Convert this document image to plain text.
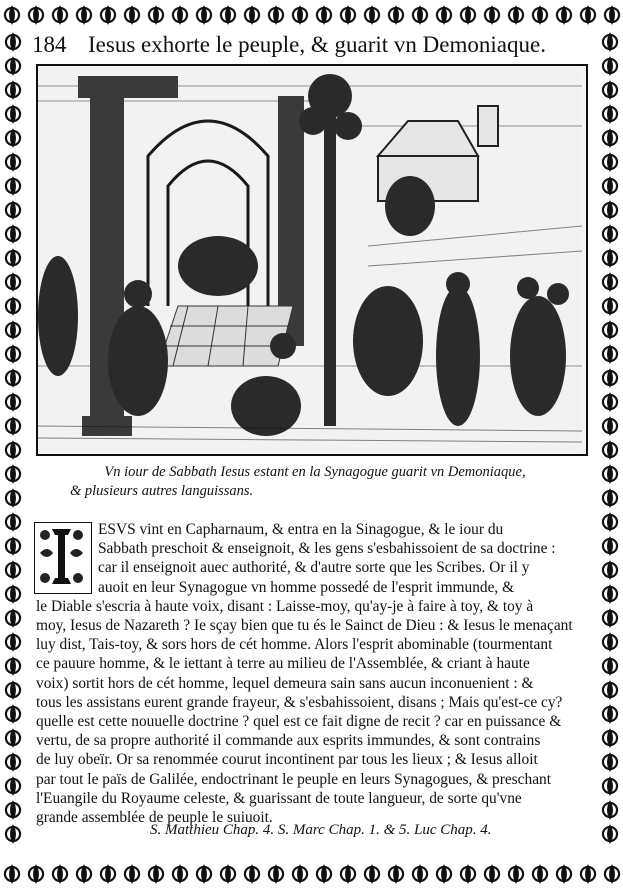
184 Iesus exhorte le peuple, & guarit vn Demoniaque.
Vn iour de Sabbath Iesus estant en la Synagogue guarit vn Demoniaque,
& plusieurs autres languissans.
ESVS vint en Capharnaum, & entra en la Sinagogue, & le iour du
Sabbath preschoit & enseignoit, & les gens s'esbahissoient de sa doctrine :
car il enseignoit auec authorité, & d'autre sorte que les Scribes. Or il y
auoit en leur Synagogue vn homme possedé de l'esprit immunde, &
le Diable s'escria à haute voix, disant : Laisse-moy, qu'ay-je à faire à toy, & toy à
moy, Iesus de Nazareth ? Ie sçay bien que tu és le Sainct de Dieu : & Iesus le menaçant
luy dist, Tais-toy, & sors hors de cét homme. Alors l'esprit abominable (tourmentant
ce pauure homme, & le iettant à terre au milieu de l'Assemblée, & criant à haute
voix) sortit hors de cét homme, lequel demeura sain sans aucun inconuenient : &
tous les assistans eurent grande frayeur, & s'esbahissoient, disans ; Mais qu'est-ce cy?
quelle est cette nouuelle doctrine ? quel est ce fait digne de recit ? car en puissance &
vertu, de sa propre authorité il commande aux esprits immundes, & sont contrains
de luy obeïr. Or sa renommée courut incontinent par tous les lieux ; & Iesus alloit
par tout le païs de Galilée, endoctrinant le peuple en leurs Synagogues, & preschant
l'Euangile du Royaume celeste, & guarissant de toute langueur, de sorte qu'vne
grande assemblée de peuple le suiuoit.
S. Matthieu Chap. 4. S. Marc Chap. 1. & 5. Luc Chap. 4.
